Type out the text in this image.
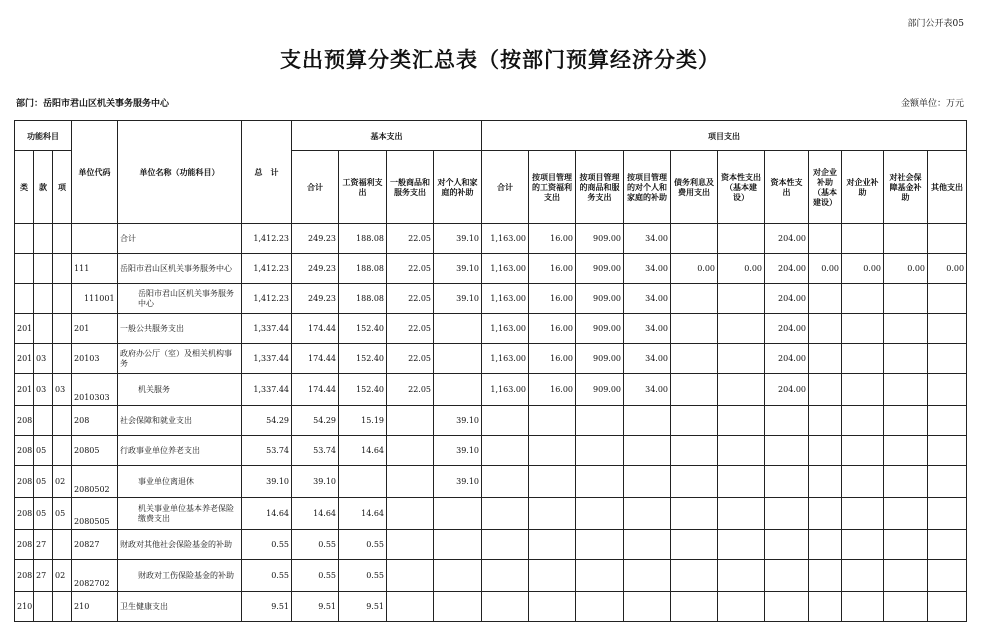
部门公开表05
支出预算分类汇总表（按部门预算经济分类）
部门：岳阳市君山区机关事务服务中心	金额单位：万元
功能科目			单位代码	单位名称（功能科目）	总　计	基本支出				项目支出										
类	款	项				合计	工资福利支出	一般商品和服务支出	对个人和家庭的补助	合计	按项目管理的工资福利支出	按项目管理的商品和服务支出	按项目管理的对个人和家庭的补助	债务利息及费用支出	资本性支出（基本建设）	资本性支出	对企业补助（基本建设）	对企业补助	对社会保障基金补助	其他支出
				合计	1,412.23	249.23	188.08	22.05	39.10	1,163.00	16.00	909.00	34.00			204.00				
			111	岳阳市君山区机关事务服务中心	1,412.23	249.23	188.08	22.05	39.10	1,163.00	16.00	909.00	34.00	0.00	0.00	204.00	0.00	0.00	0.00	0.00
			111001	岳阳市君山区机关事务服务中心	1,412.23	249.23	188.08	22.05	39.10	1,163.00	16.00	909.00	34.00			204.00				
201			201	一般公共服务支出	1,337.44	174.44	152.40	22.05		1,163.00	16.00	909.00	34.00			204.00				
201	03		20103	政府办公厅（室）及相关机构事务	1,337.44	174.44	152.40	22.05		1,163.00	16.00	909.00	34.00			204.00				
201	03	03	2010303	机关服务	1,337.44	174.44	152.40	22.05		1,163.00	16.00	909.00	34.00			204.00				
208			208	社会保障和就业支出	54.29	54.29	15.19		39.10											
208	05		20805	行政事业单位养老支出	53.74	53.74	14.64		39.10											
208	05	02	2080502	事业单位离退休	39.10	39.10			39.10											
208	05	05	2080505	机关事业单位基本养老保险缴费支出	14.64	14.64	14.64													
208	27		20827	财政对其他社会保险基金的补助	0.55	0.55	0.55													
208	27	02	2082702	财政对工伤保险基金的补助	0.55	0.55	0.55													
210			210	卫生健康支出	9.51	9.51	9.51													
